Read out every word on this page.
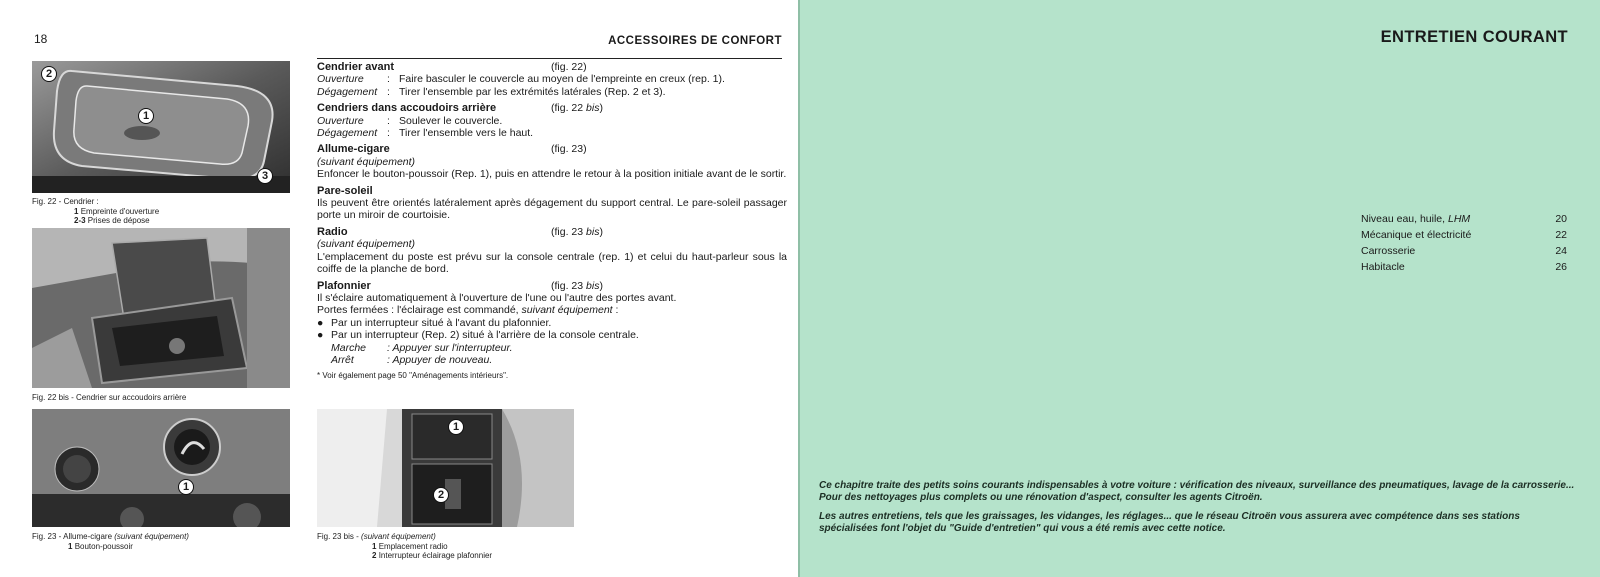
18	ACCESSOIRES DE CONFORT
2
1
3
Fig. 22 - Cendrier :
1 Empreinte d'ouverture
2-3 Prises de dépose
Fig. 22 bis - Cendrier sur accoudoirs arrière
1
Fig. 23 - Allume-cigare (suivant équipement)
1 Bouton-poussoir
1
2
Fig. 23 bis - (suivant équipement)
1 Emplacement radio
2 Interrupteur éclairage plafonnier
Cendrier avant	(fig. 22)
Ouverture	: Faire basculer le couvercle au moyen de l'empreinte en creux (rep. 1).
Dégagement : Tirer l'ensemble par les extrémités latérales (Rep. 2 et 3).
Cendriers dans accoudoirs arrière	(fig. 22 bis)
Ouverture	: Soulever le couvercle.
Dégagement : Tirer l'ensemble vers le haut.
Allume-cigare	(fig. 23)
(suivant équipement)
Enfoncer le bouton-poussoir (Rep. 1), puis en attendre le retour à la position initiale avant de le sortir.
Pare-soleil
Ils peuvent être orientés latéralement après dégagement du support central. Le pare-soleil passager porte un miroir de courtoisie.
Radio	(fig. 23 bis)
(suivant équipement)
L'emplacement du poste est prévu sur la console centrale (rep. 1) et celui du haut-parleur sous la coiffe de la planche de bord.
Plafonnier	(fig. 23 bis)
Il s'éclaire automatiquement à l'ouverture de l'une ou l'autre des portes avant.
Portes fermées : l'éclairage est commandé, suivant équipement :
● Par un interrupteur situé à l'avant du plafonnier.
● Par un interrupteur (Rep. 2) situé à l'arrière de la console centrale.
Marche	: Appuyer sur l'interrupteur.
Arrêt	: Appuyer de nouveau.
* Voir également page 50 "Aménagements intérieurs".
ENTRETIEN COURANT
Niveau eau, huile, LHM	20
Mécanique et électricité	22
Carrosserie	24
Habitacle	26

Ce chapitre traite des petits soins courants indispensables à votre voiture : vérification des niveaux, surveillance des pneumatiques, lavage de la carrosserie... Pour des nettoyages plus complets ou une rénovation d'aspect, consulter les agents Citroën.

Les autres entretiens, tels que les graissages, les vidanges, les réglages... que le réseau Citroën vous assurera avec compétence dans ses stations spécialisées font l'objet du "Guide d'entretien" qui vous a été remis avec cette notice.
